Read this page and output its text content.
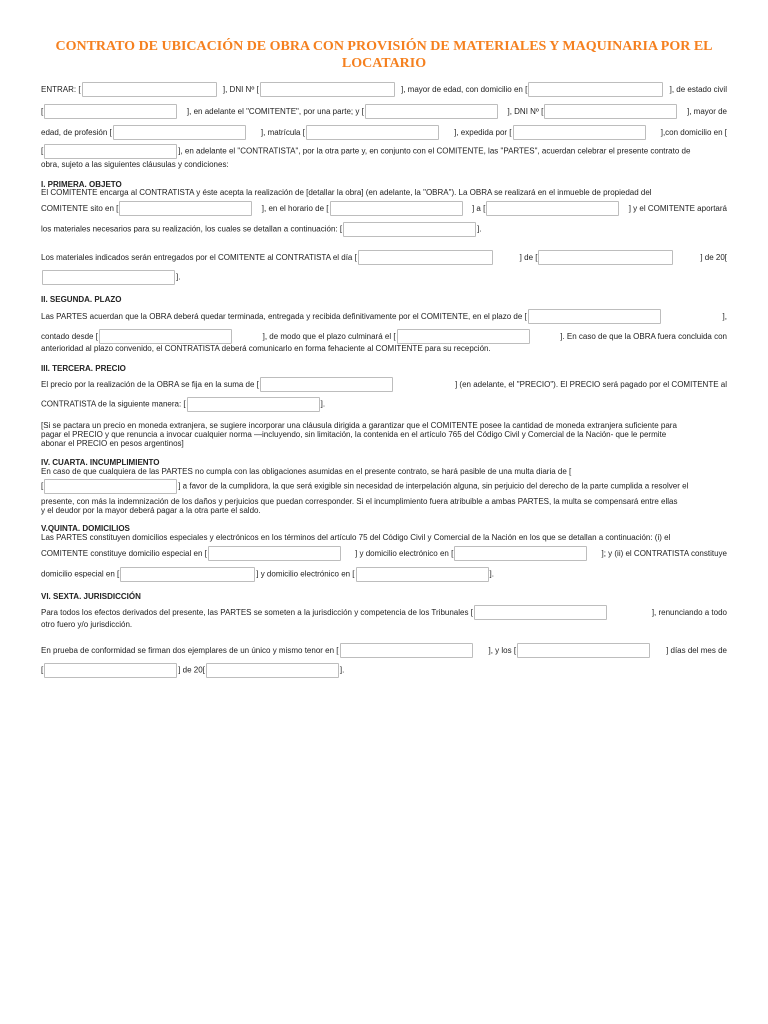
CONTRATO DE UBICACIÓN DE OBRA CON PROVISIÓN DE MATERIALES Y MAQUINARIA POR EL LOCATARIO
ENTRAR: [	], DNI Nº [	], mayor de edad, con domicilio en [	], de estado civil
[	], en adelante el "COMITENTE", por una parte; y [	], DNI Nº [	], mayor de
edad, de profesión [	], matrícula [	], expedida por [	],con domicilio en [
[	], en adelante el "CONTRATISTA", por la otra parte y, en conjunto con el COMITENTE, las "PARTES", acuerdan celebrar el presente contrato de
obra, sujeto a las siguientes cláusulas y condiciones:
I. PRIMERA. OBJETO
El COMITENTE encarga al CONTRATISTA y éste acepta la realización de [detallar la obra] (en adelante, la "OBRA"). La OBRA se realizará en el inmueble de propiedad del
COMITENTE sito en [	], en el horario de [	] a [	] y el COMITENTE aportará
los materiales necesarios para su realización, los cuales se detallan a continuación: [	].
Los materiales indicados serán entregados por el COMITENTE al CONTRATISTA el día [	] de [	] de 20[
].
II. SEGUNDA. PLAZO
Las PARTES acuerdan que la OBRA deberá quedar terminada, entregada y recibida definitivamente por el COMITENTE, en el plazo de [	],
contado desde [	], de modo que el plazo culminará el [	]. En caso de que la OBRA fuera concluida con
anterioridad al plazo convenido, el CONTRATISTA deberá comunicarlo en forma fehaciente al COMITENTE para su recepción.
III. TERCERA. PRECIO
El precio por la realización de la OBRA se fija en la suma de [	] (en adelante, el "PRECIO"). El PRECIO será pagado por el COMITENTE al
CONTRATISTA de la siguiente manera: [	].
[Si se pactara un precio en moneda extranjera, se sugiere incorporar una cláusula dirigida a garantizar que el COMITENTE posee la cantidad de moneda extranjera suficiente para
pagar el PRECIO y que renuncia a invocar cualquier norma —incluyendo, sin limitación, la contenida en el artículo 765 del Código Civil y Comercial de la Nación- que le permite
abonar el PRECIO en pesos argentinos]
IV. CUARTA. INCUMPLIMIENTO
En caso de que cualquiera de las PARTES no cumpla con las obligaciones asumidas en el presente contrato, se hará pasible de una multa diaria de [
[	] a favor de la cumplidora, la que será exigible sin necesidad de interpelación alguna, sin perjuicio del derecho de la parte cumplida a resolver el
presente, con más la indemnización de los daños y perjuicios que puedan corresponder. Si el incumplimiento fuera atribuible a ambas PARTES, la multa se compensará entre ellas
y el deudor por la mayor deberá pagar a la otra parte el saldo.
V.QUINTA. DOMICILIOS
Las PARTES constituyen domicilios especiales y electrónicos en los términos del artículo 75 del Código Civil y Comercial de la Nación en los que se detallan a continuación: (i) el
COMITENTE constituye domicilio especial en [	] y domicilio electrónico en [	]; y (ii) el CONTRATISTA constituye
domicilio especial en [	] y domicilio electrónico en [	].
VI. SEXTA. JURISDICCIÓN
Para todos los efectos derivados del presente, las PARTES se someten a la jurisdicción y competencia de los Tribunales [	], renunciando a todo
otro fuero y/o jurisdicción.
En prueba de conformidad se firman dos ejemplares de un único y mismo tenor en [	], y los [	] días del mes de
[	] de 20[	].
